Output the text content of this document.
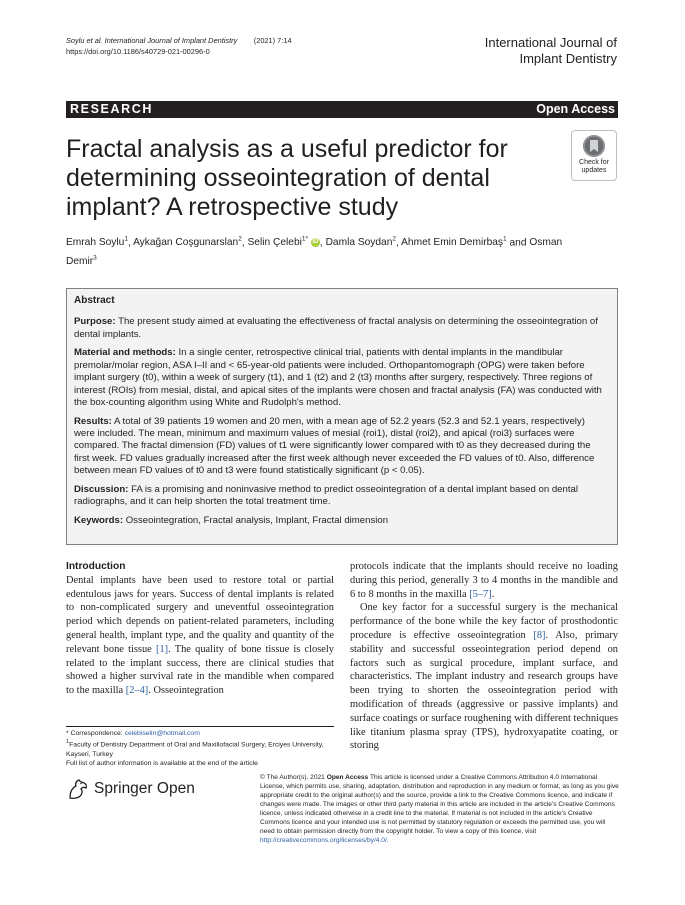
Soylu et al. International Journal of Implant Dentistry (2021) 7:14
https://doi.org/10.1186/s40729-021-00296-0
International Journal of
Implant Dentistry
RESEARCH	Open Access
Fractal analysis as a useful predictor for determining osseointegration of dental implant? A retrospective study
Check for
updates
Emrah Soylu$^1$, Aykağan Coşgunarslan$^2$, Selin Çelebi$^{1*}$ iD , Damla Soydan$^2$, Ahmet Emin Demirbaş$^1$ and Osman Demir$^3$

Abstract

Purpose: The present study aimed at evaluating the effectiveness of fractal analysis on determining the osseointegration of dental implants.

Material and methods: In a single center, retrospective clinical trial, patients with dental implants in the mandibular premolar/molar region, ASA I–II and < 65-year-old patients were included. Orthopantomograph (OPG) were taken before implant surgery (t0), within a week of surgery (t1), and 1 (t2) and 2 (t3) months after surgery, respectively. Three regions of interest (ROIs) from mesial, distal, and apical sites of the implants were chosen and fractal analysis (FA) was conducted with the box-counting algorithm using White and Rudolph's method.

Results: A total of 39 patients 19 women and 20 men, with a mean age of 52.2 years (52.3 and 52.1 years, respectively) were included. The mean, minimum and maximum values of mesial (roi1), distal (roi2), and apical (roi3) surfaces were compared. The fractal dimension (FD) values of t1 were significantly lower compared with t0 as they decreased during the first week. FD values gradually increased after the first week although never exceeded the FD values of t0. Also, difference between mean FD values of t0 and t3 were found statistically significant (p < 0.05).

Discussion: FA is a promising and noninvasive method to predict osseointegration of a dental implant based on dental radiographs, and it can help shorten the total treatment time.

Keywords: Osseointegration, Fractal analysis, Implant, Fractal dimension

Introduction

Dental implants have been used to restore total or partial edentulous jaws for years. Success of dental implants is related to non-complicated surgery and uneventful osseointegration period which depends on patient-related parameters, including general health, implant type, and the quality and quantity of the relevant bone tissue [1]. The quality of bone tissue is closely related to the implant success, there are clinical studies that showed a higher survival rate in the mandible when compared to the maxilla [2–4]. Osseointegration

protocols indicate that the implants should receive no loading during this period, generally 3 to 4 months in the mandible and 6 to 8 months in the maxilla [5–7].

One key factor for a successful surgery is the mechanical performance of the bone while the key factor of prosthodontic procedure is effective osseointegration [8]. Also, primary stability and successful osseointegration period depend on factors such as surgical procedure, implant surface, and characteristics. The implant industry and research groups have been trying to shorten the osseointegration period with modification of threads (aggressive or passive implants) and surface coatings or surface roughening with different techniques like titanium plasma spray (TPS), hydroxyapatite coating, or storing

* Correspondence: celebiselin@hotmail.com
$^1$Faculty of Dentistry Department of Oral and Maxillofacial Surgery, Erciyes University, Kayseri, Turkey
Full list of author information is available at the end of the article
Springer Open
© The Author(s). 2021 Open Access This article is licensed under a Creative Commons Attribution 4.0 International License, which permits use, sharing, adaptation, distribution and reproduction in any medium or format, as long as you give appropriate credit to the original author(s) and the source, provide a link to the Creative Commons licence, and indicate if changes were made. The images or other third party material in this article are included in the article's Creative Commons licence, unless indicated otherwise in a credit line to the material. If material is not included in the article's Creative Commons licence and your intended use is not permitted by statutory regulation or exceeds the permitted use, you will need to obtain permission directly from the copyright holder. To view a copy of this licence, visit http://creativecommons.org/licenses/by/4.0/.
